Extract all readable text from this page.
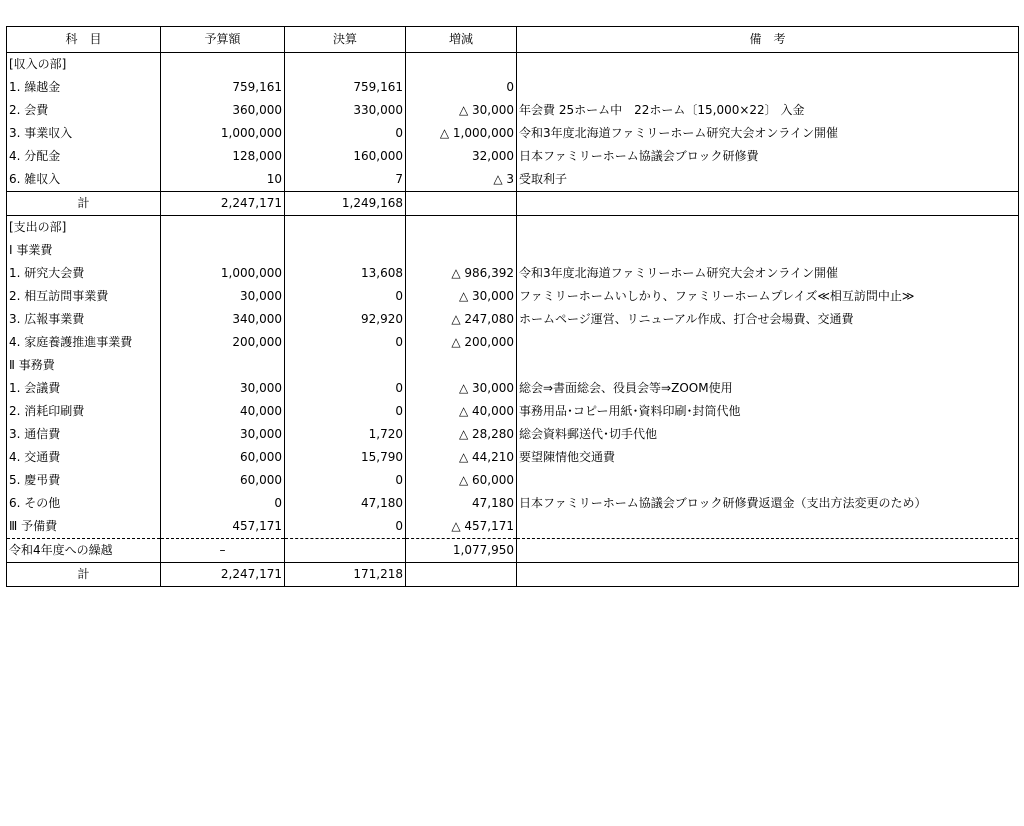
科　目	予算額	決算	増減	備　考
[収入の部]				
1. 繰越金	759,161	759,161	0	
2. 会費	360,000	330,000	△ 30,000	年会費 25ホーム中　22ホーム〔15,000×22〕 入金
3. 事業収入	1,000,000	0	△ 1,000,000	令和3年度北海道ファミリーホーム研究大会オンライン開催
4. 分配金	128,000	160,000	32,000	日本ファミリーホーム協議会ブロック研修費
6. 雑収入	10	7	△ 3	受取利子
計	2,247,171	1,249,168		
[支出の部]				
Ⅰ 事業費				
1. 研究大会費	1,000,000	13,608	△ 986,392	令和3年度北海道ファミリーホーム研究大会オンライン開催
2. 相互訪問事業費	30,000	0	△ 30,000	ファミリーホームいしかり、ファミリーホームプレイズ≪相互訪問中止≫
3. 広報事業費	340,000	92,920	△ 247,080	ホームページ運営、リニューアル作成、打合せ会場費、交通費
4. 家庭養護推進事業費	200,000	0	△ 200,000	
Ⅱ 事務費				
1. 会議費	30,000	0	△ 30,000	総会⇒書面総会、役員会等⇒ZOOM使用
2. 消耗印刷費	40,000	0	△ 40,000	事務用品･コピー用紙･資料印刷･封筒代他
3. 通信費	30,000	1,720	△ 28,280	総会資料郵送代･切手代他
4. 交通費	60,000	15,790	△ 44,210	要望陳情他交通費
5. 慶弔費	60,000	0	△ 60,000	
6. その他	0	47,180	47,180	日本ファミリーホーム協議会ブロック研修費返還金（支出方法変更のため）
Ⅲ 予備費	457,171	0	△ 457,171	
令和4年度への繰越	–		1,077,950	
計	2,247,171	171,218		
